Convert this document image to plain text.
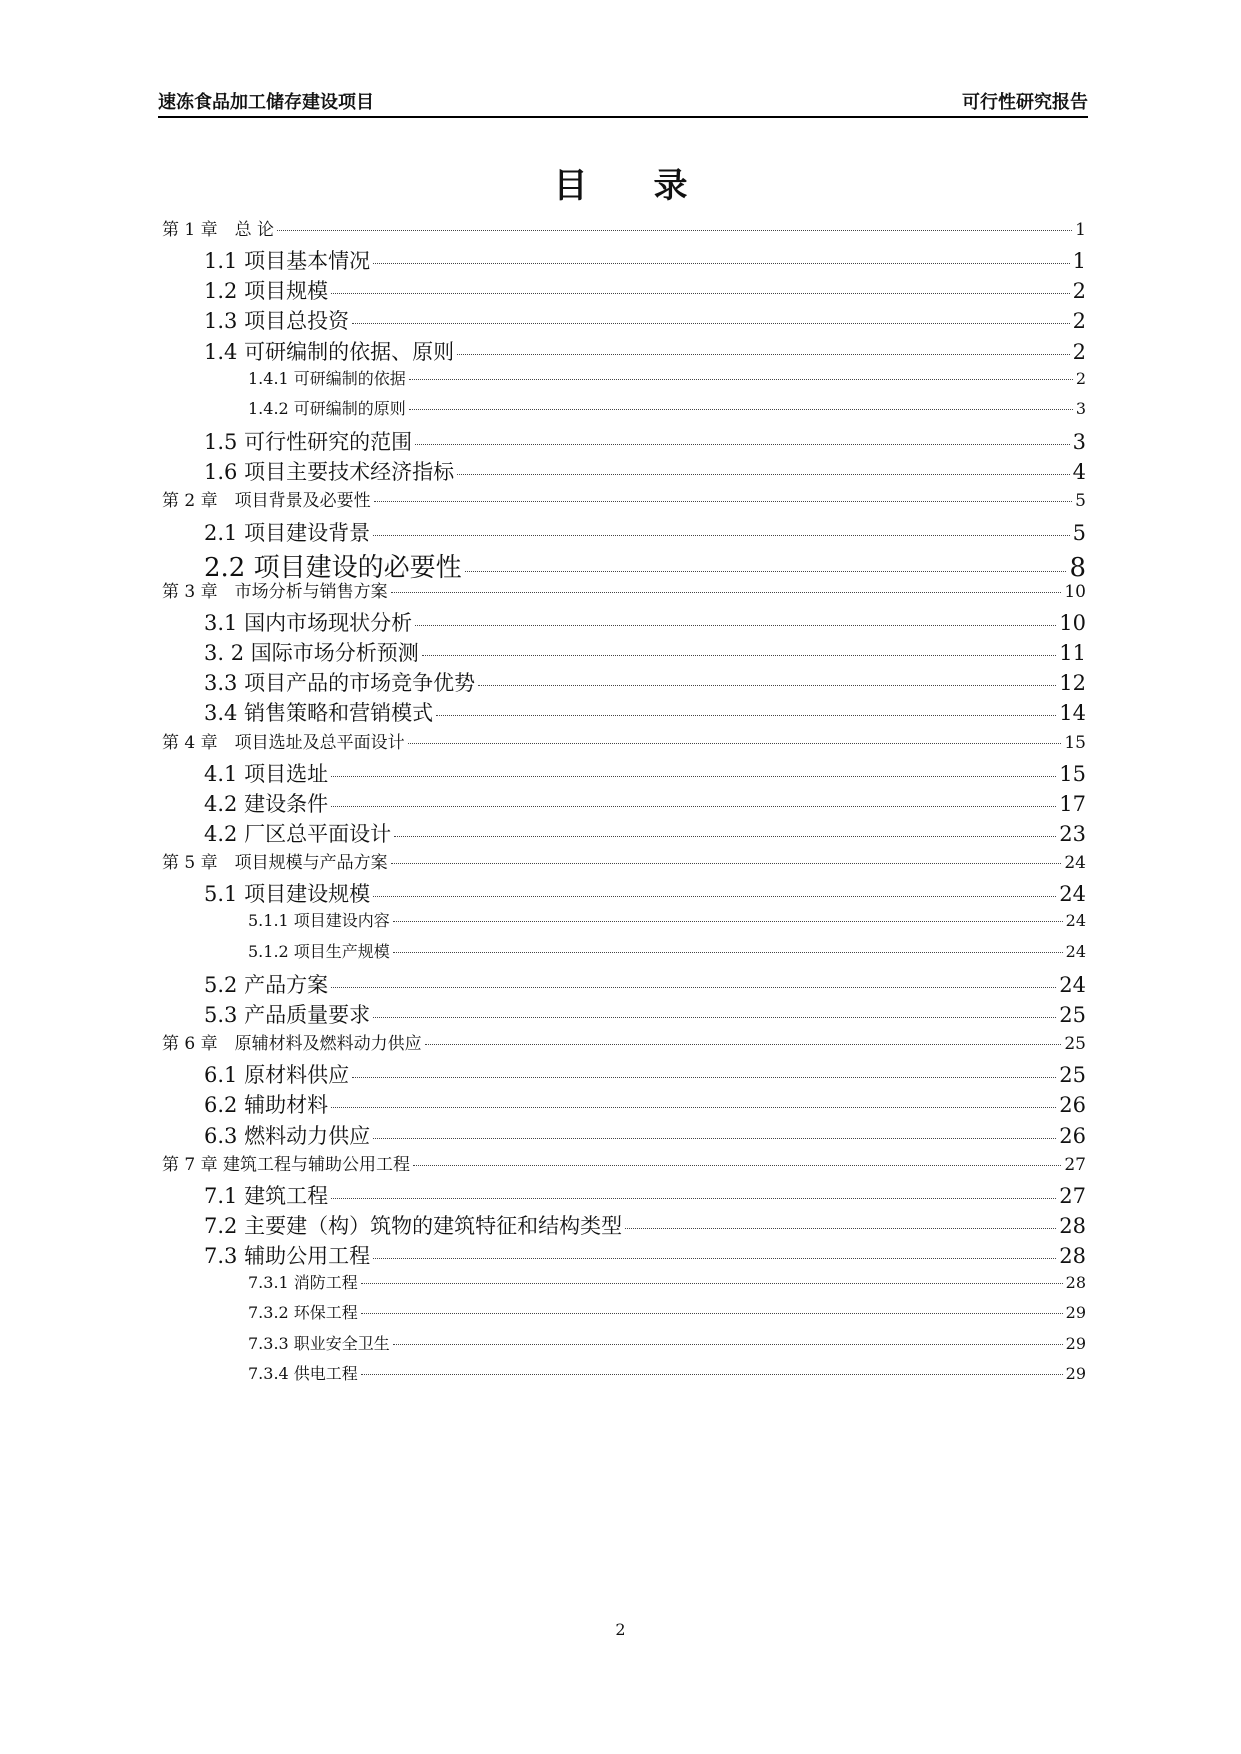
速冻食品加工储存建设项目	可行性研究报告
目录
第 1 章　总 论	1
1.1 项目基本情况	1
1.2 项目规模	2
1.3 项目总投资	2
1.4 可研编制的依据、原则	2
1.4.1 可研编制的依据	2
1.4.2 可研编制的原则	3
1.5 可行性研究的范围	3
1.6 项目主要技术经济指标	4
第 2 章　项目背景及必要性	5
2.1 项目建设背景	5
2.2 项目建设的必要性	8
第 3 章　市场分析与销售方案	10
3.1 国内市场现状分析	10
3. 2 国际市场分析预测	11
3.3 项目产品的市场竞争优势	12
3.4 销售策略和营销模式	14
第 4 章　项目选址及总平面设计	15
4.1 项目选址	15
4.2 建设条件	17
4.2 厂区总平面设计	23
第 5 章　项目规模与产品方案	24
5.1 项目建设规模	24
5.1.1 项目建设内容	24
5.1.2 项目生产规模	24
5.2 产品方案	24
5.3 产品质量要求	25
第 6 章　原辅材料及燃料动力供应	25
6.1 原材料供应	25
6.2 辅助材料	26
6.3 燃料动力供应	26
第 7 章 建筑工程与辅助公用工程	27
7.1 建筑工程	27
7.2 主要建（构）筑物的建筑特征和结构类型	28
7.3 辅助公用工程	28
7.3.1 消防工程	28
7.3.2 环保工程	29
7.3.3 职业安全卫生	29
7.3.4 供电工程	29
2
